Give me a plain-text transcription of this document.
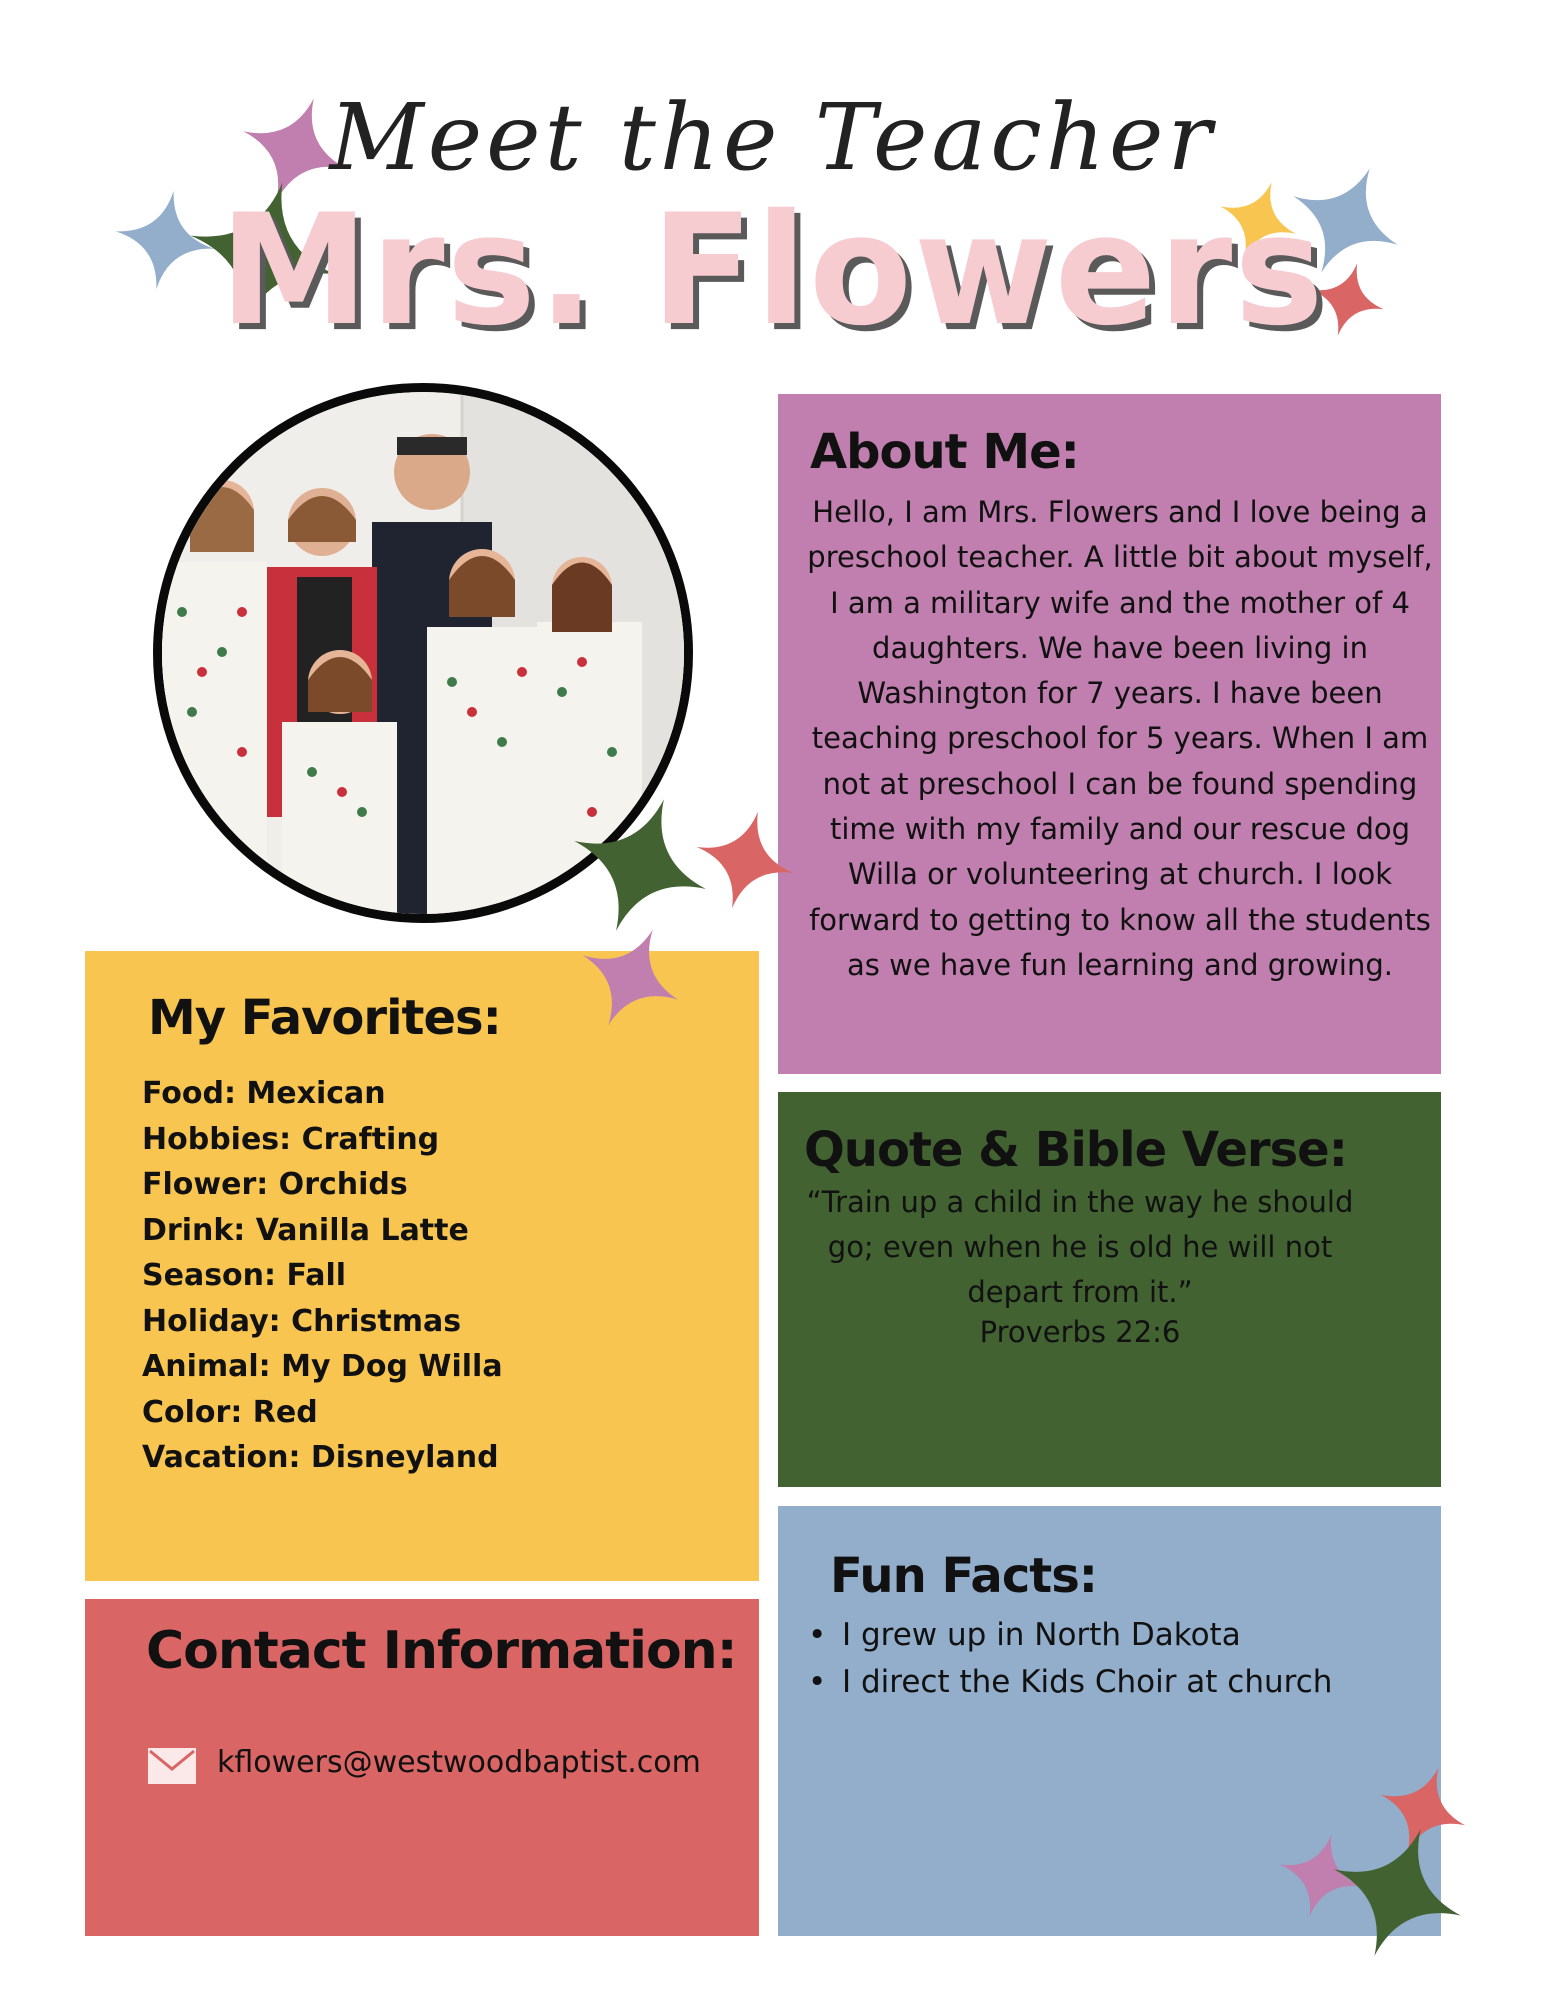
Meet the Teacher
Mrs. Flowers
About Me:
Hello, I am Mrs. Flowers and I love being a preschool teacher. A little bit about myself, I am a military wife and the mother of 4 daughters. We have been living in Washington for 7 years. I have been teaching preschool for 5 years. When I am not at preschool I can be found spending time with my family and our rescue dog Willa or volunteering at church. I look forward to getting to know all the students as we have fun learning and growing.
Quote & Bible Verse:
“Train up a child in the way he should go; even when he is old he will not depart from it.”
Proverbs 22:6
Fun Facts:
• I grew up in North Dakota
• I direct the Kids Choir at church
My Favorites:
Food: Mexican
Hobbies: Crafting
Flower: Orchids
Drink: Vanilla Latte
Season: Fall
Holiday: Christmas
Animal: My Dog Willa
Color: Red
Vacation: Disneyland
Contact Information:
kflowers@westwoodbaptist.com
